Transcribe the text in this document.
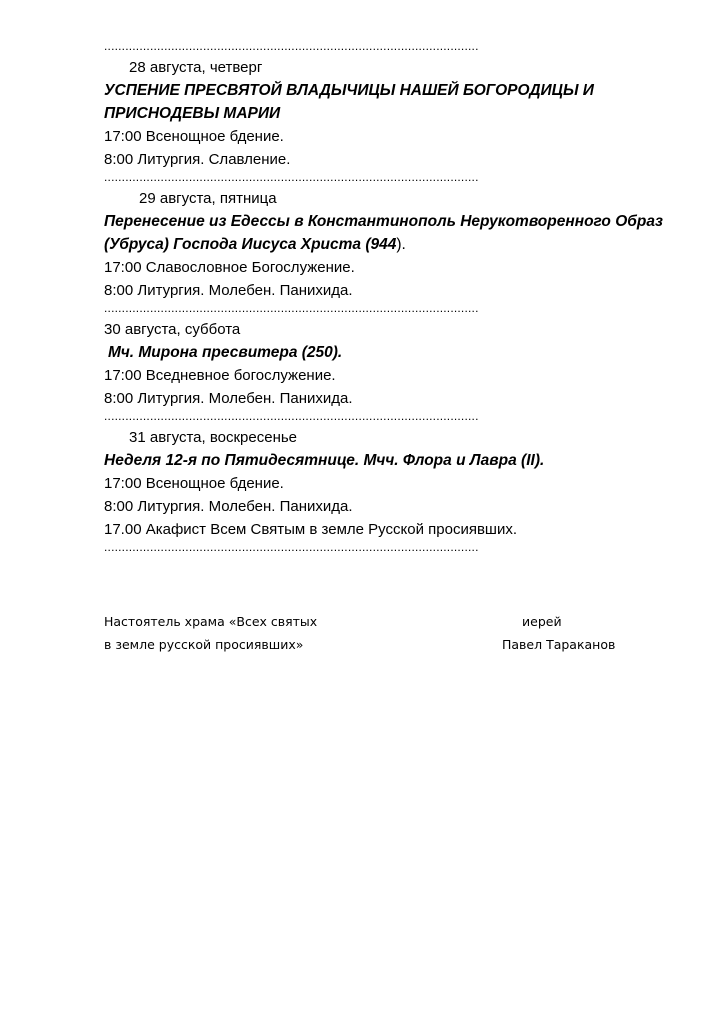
..........................................................................................................
28 августа, четверг
УСПЕНИЕ ПРЕСВЯТОЙ ВЛАДЫЧИЦЫ НАШЕЙ БОГОРОДИЦЫ И ПРИСНОДЕВЫ МАРИИ
17:00 Всенощное бдение.
8:00 Литургия. Славление.
..........................................................................................................
29 августа, пятница
Перенесение из Едессы в Константинополь Нерукотворенного Образ (Убруса) Господа Иисуса Христа (944).
17:00 Славословное Богослужение.
8:00 Литургия. Молебен. Панихида.
..........................................................................................................
30 августа, суббота
Мч. Мирона пресвитера (250).
17:00 Вседневное богослужение.
8:00 Литургия. Молебен. Панихида.
..........................................................................................................
31 августа, воскресенье
Неделя 12-я по Пятидесятнице. Мчч. Флора и Лавра (II).
17:00 Всенощное бдение.
8:00 Литургия. Молебен. Панихида.
17.00 Акафист Всем Святым в земле Русской просиявших.
..........................................................................................................
Настоятель храма «Всех святых	иерей
в земле русской просиявших»	Павел Тараканов
